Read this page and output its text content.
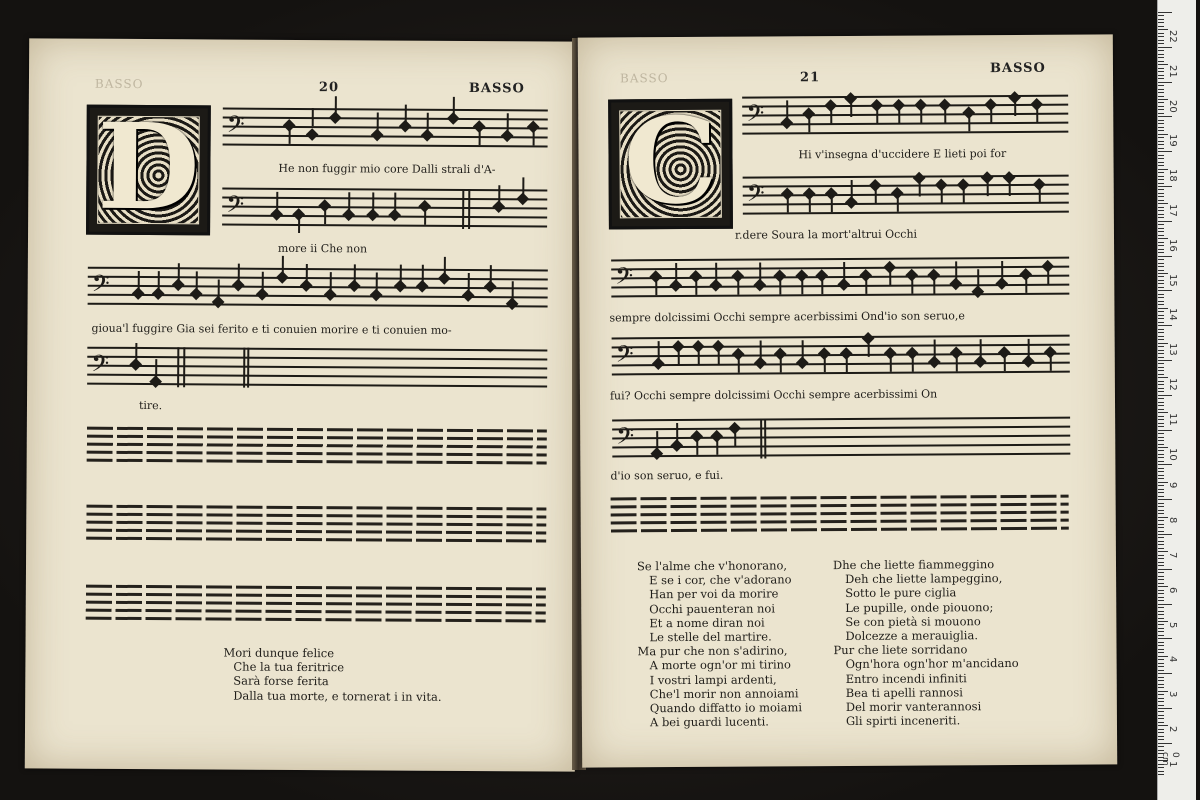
BASSO	20	BASSO
D 𝄢
He non fuggir mio core Dalli strali d'A-
𝄢
more ii Che non
𝄢
gioua'l fuggire Gia sei ferito e ti conuien morire e ti conuien mo-
𝄢
tire.
Mori dunque felice
Che la tua feritrice
Sarà forse ferita
Dalla tua morte, e tornerat i in vita.
BASSO	21
BASSO
C	𝄢
Hi v'insegna d'uccidere E lieti poi for
𝄢
r.dere Soura la mort'altrui Occhi
𝄢
sempre dolcissimi Occhi sempre acerbissimi Ond'io son seruo,e
𝄢
fui? Occhi sempre dolcissimi Occhi sempre acerbissimi On
𝄢
d'io son seruo, e fui.
Se l'alme che v'honorano,
E se i cor, che v'adorano
Han per voi da morire
Occhi pauenteran noi
Et a nome diran noi
Le stelle del martire.
Ma pur che non s'adirino,
A morte ogn'or mi tirino
I vostri lampi ardenti,
Che'l morir non annoiami
Quando diffatto io moiami
A bei guardi lucenti.
Dhe che liette fiammeggino
Deh che liette lampeggino,
Sotto le pure ciglia
Le pupille, onde piouono;
Se con pietà si mouono
Dolcezze a merauiglia.
Pur che liete sorridano
Ogn'hora ogn'hor m'ancidano
Entro incendi infiniti
Bea ti apelli rannosi
Del morir vanterannosi
Gli spirti inceneriti.
22
21
20
19
18
17
16
15
14
13
12
11
10
9
8
7
6
5
4
3
2
1
0 cm
